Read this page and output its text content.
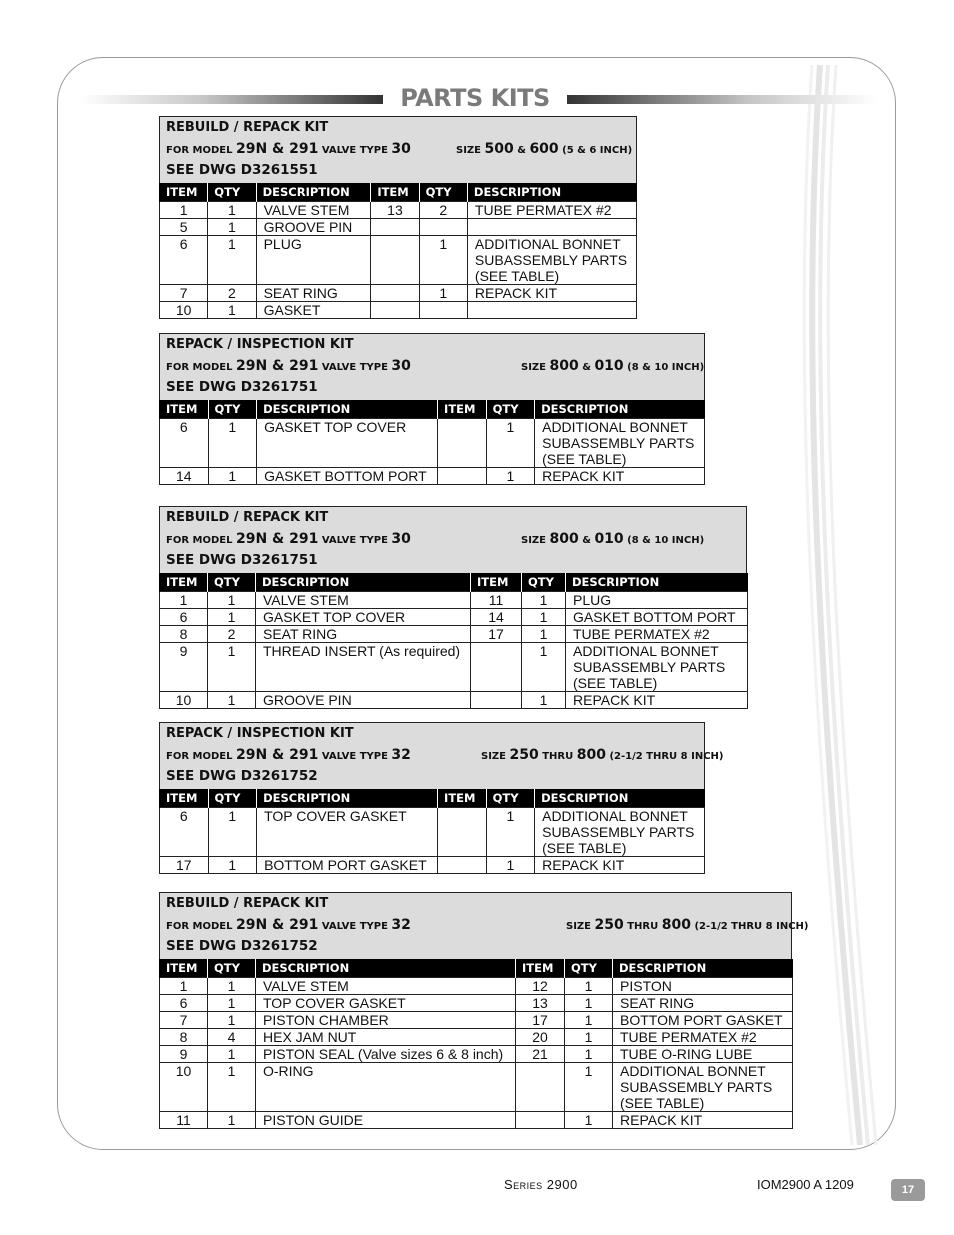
PARTS KITS
REBUILD / REPACK KIT
FOR MODEL 29N & 291 VALVE TYPE 30	SIZE 500 & 600 (5 & 6 INCH)
SEE DWG D3261551
ITEM	QTY	DESCRIPTION	ITEM	QTY	DESCRIPTION
1	1	VALVE STEM	13	2	TUBE PERMATEX #2
5	1	GROOVE PIN			
6	1	PLUG		1	ADDITIONAL BONNET
SUBASSEMBLY PARTS
(SEE TABLE)
7	2	SEAT RING		1	REPACK KIT
10	1	GASKET			
REPACK / INSPECTION KIT
FOR MODEL 29N & 291 VALVE TYPE 30	SIZE 800 & 010 (8 & 10 INCH)
SEE DWG D3261751
ITEM	QTY	DESCRIPTION	ITEM	QTY	DESCRIPTION
6	1	GASKET TOP COVER		1	ADDITIONAL BONNET
SUBASSEMBLY PARTS
(SEE TABLE)
14	1	GASKET BOTTOM PORT		1	REPACK KIT
REBUILD / REPACK KIT
FOR MODEL 29N & 291 VALVE TYPE 30	SIZE 800 & 010 (8 & 10 INCH)
SEE DWG D3261751
ITEM	QTY	DESCRIPTION	ITEM	QTY	DESCRIPTION
1	1	VALVE STEM	11	1	PLUG
6	1	GASKET TOP COVER	14	1	GASKET BOTTOM PORT
8	2	SEAT RING	17	1	TUBE PERMATEX #2
9	1	THREAD INSERT (As required)		1	ADDITIONAL BONNET
SUBASSEMBLY PARTS
(SEE TABLE)
10	1	GROOVE PIN		1	REPACK KIT
REPACK / INSPECTION KIT
FOR MODEL 29N & 291 VALVE TYPE 32	SIZE 250 THRU 800 (2-1/2 THRU 8 INCH)
SEE DWG D3261752
ITEM	QTY	DESCRIPTION	ITEM	QTY	DESCRIPTION
6	1	TOP COVER GASKET		1	ADDITIONAL BONNET
SUBASSEMBLY PARTS
(SEE TABLE)
17	1	BOTTOM PORT GASKET		1	REPACK KIT
REBUILD / REPACK KIT
FOR MODEL 29N & 291 VALVE TYPE 32	SIZE 250 THRU 800 (2-1/2 THRU 8 INCH)
SEE DWG D3261752
ITEM	QTY	DESCRIPTION	ITEM	QTY	DESCRIPTION
1	1	VALVE STEM	12	1	PISTON
6	1	TOP COVER GASKET	13	1	SEAT RING
7	1	PISTON CHAMBER	17	1	BOTTOM PORT GASKET
8	4	HEX JAM NUT	20	1	TUBE PERMATEX #2
9	1	PISTON SEAL (Valve sizes 6 & 8 inch)	21	1	TUBE O-RING LUBE
10	1	O-RING		1	ADDITIONAL BONNET
SUBASSEMBLY PARTS
(SEE TABLE)
11	1	PISTON GUIDE		1	REPACK KIT
Series 2900	IOM2900 A 1209	17
